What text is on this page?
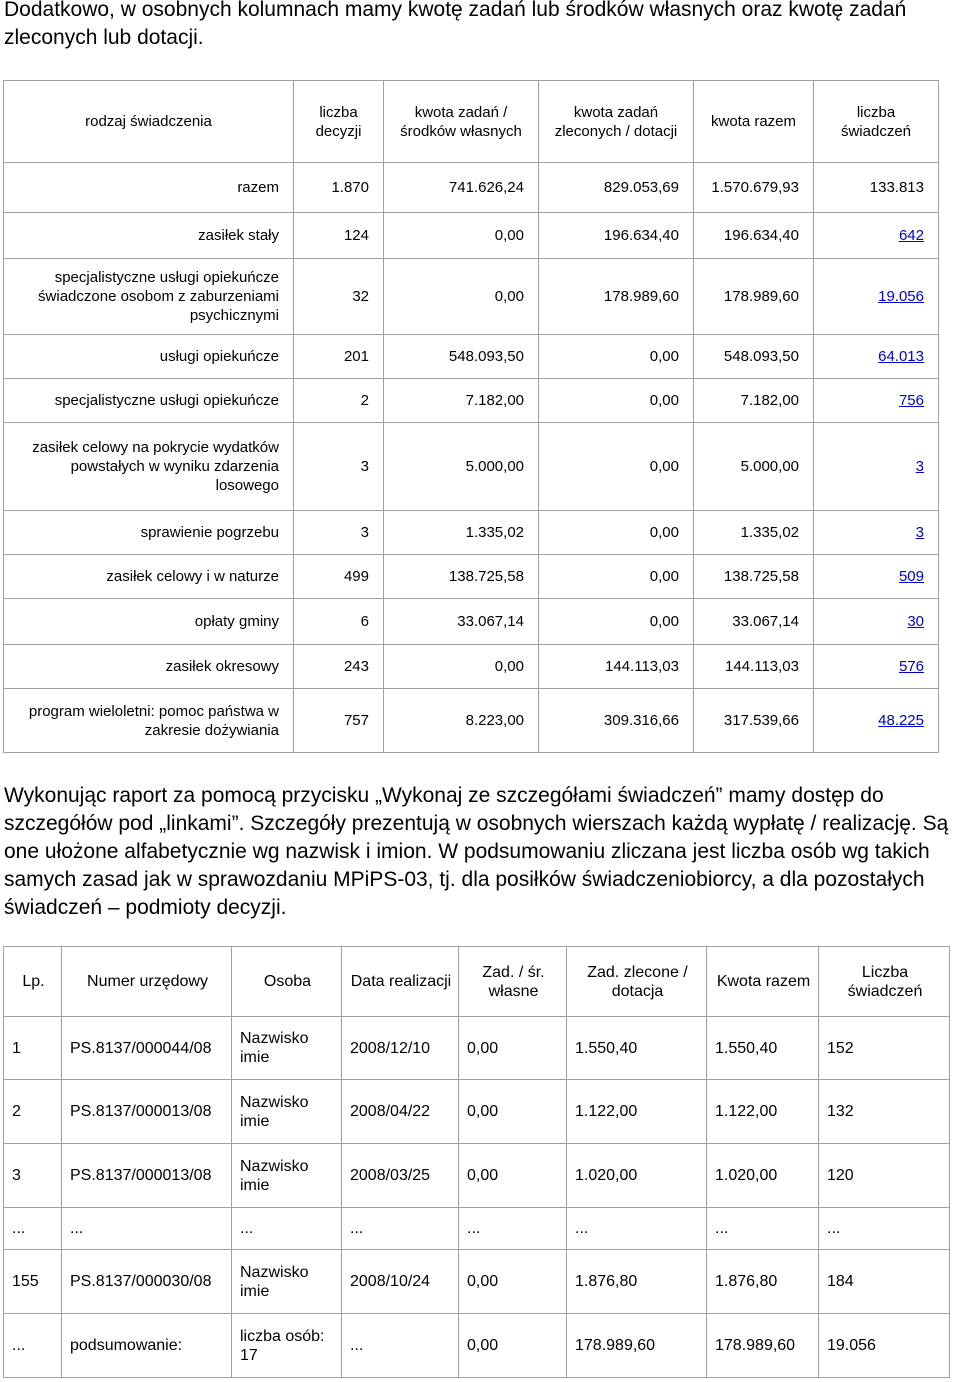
Dodatkowo, w osobnych kolumnach mamy kwotę zadań lub środków własnych oraz kwotę zadań zleconych lub dotacji.

rodzaj świadczenia	liczba decyzji	kwota zadań / środków własnych	kwota zadań zleconych / dotacji	kwota razem	liczba świadczeń
razem	1.870	741.626,24	829.053,69	1.570.679,93	133.813
zasiłek stały	124	0,00	196.634,40	196.634,40	642
specjalistyczne usługi opiekuńcze świadczone osobom z zaburzeniami psychicznymi	32	0,00	178.989,60	178.989,60	19.056
usługi opiekuńcze	201	548.093,50	0,00	548.093,50	64.013
specjalistyczne usługi opiekuńcze	2	7.182,00	0,00	7.182,00	756
zasiłek celowy na pokrycie wydatków powstałych w wyniku zdarzenia losowego	3	5.000,00	0,00	5.000,00	3
sprawienie pogrzebu	3	1.335,02	0,00	1.335,02	3
zasiłek celowy i w naturze	499	138.725,58	0,00	138.725,58	509
opłaty gminy	6	33.067,14	0,00	33.067,14	30
zasiłek okresowy	243	0,00	144.113,03	144.113,03	576
program wieloletni: pomoc państwa w zakresie dożywiania	757	8.223,00	309.316,66	317.539,66	48.225

Wykonując raport za pomocą przycisku „Wykonaj ze szczegółami świadczeń” mamy dostęp do szczegółów pod „linkami”. Szczegóły prezentują w osobnych wierszach każdą wypłatę / realizację. Są one ułożone alfabetycznie wg nazwisk i imion. W podsumowaniu zliczana jest liczba osób wg takich samych zasad jak w sprawozdaniu MPiPS-03, tj. dla posiłków świadczeniobiorcy, a dla pozostałych świadczeń – podmioty decyzji.

Lp.	Numer urzędowy	Osoba	Data realizacji	Zad. / śr. własne	Zad. zlecone / dotacja	Kwota razem	Liczba świadczeń
1	PS.8137/000044/08	Nazwisko imie	2008/12/10	0,00	1.550,40	1.550,40	152
2	PS.8137/000013/08	Nazwisko imie	2008/04/22	0,00	1.122,00	1.122,00	132
3	PS.8137/000013/08	Nazwisko imie	2008/03/25	0,00	1.020,00	1.020,00	120
...	...	...	...	...	...	...	...
155	PS.8137/000030/08	Nazwisko imie	2008/10/24	0,00	1.876,80	1.876,80	184
...	podsumowanie:	liczba osób: 17	...	0,00	178.989,60	178.989,60	19.056
